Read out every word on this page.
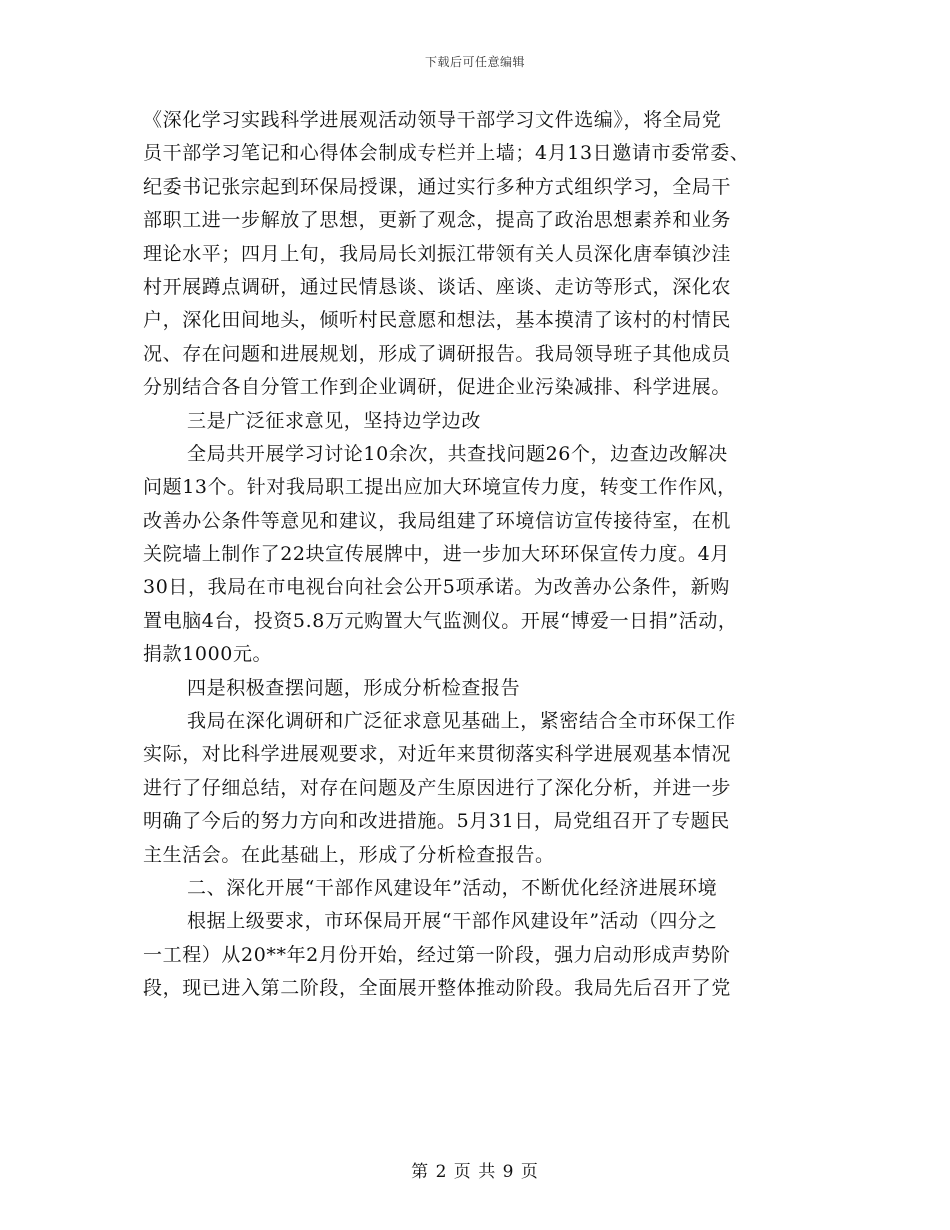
下载后可任意编辑
《深化学习实践科学进展观活动领导干部学习文件选编》，将全局党
员干部学习笔记和心得体会制成专栏并上墙；4月13日邀请市委常委、
纪委书记张宗起到环保局授课，通过实行多种方式组织学习，全局干
部职工进一步解放了思想，更新了观念，提高了政治思想素养和业务
理论水平；四月上旬，我局局长刘振江带领有关人员深化唐奉镇沙洼
村开展蹲点调研，通过民情恳谈、谈话、座谈、走访等形式，深化农
户，深化田间地头，倾听村民意愿和想法，基本摸清了该村的村情民
况、存在问题和进展规划，形成了调研报告。我局领导班子其他成员
分别结合各自分管工作到企业调研，促进企业污染减排、科学进展。
三是广泛征求意见，坚持边学边改
全局共开展学习讨论10余次，共查找问题26个，边查边改解决
问题13个。针对我局职工提出应加大环境宣传力度，转变工作作风，
改善办公条件等意见和建议，我局组建了环境信访宣传接待室，在机
关院墙上制作了22块宣传展牌中，进一步加大环环保宣传力度。4月
30日，我局在市电视台向社会公开5项承诺。为改善办公条件，新购
置电脑4台，投资5.8万元购置大气监测仪。开展“博爱一日捐”活动，
捐款1000元。
四是积极查摆问题，形成分析检查报告
我局在深化调研和广泛征求意见基础上，紧密结合全市环保工作
实际，对比科学进展观要求，对近年来贯彻落实科学进展观基本情况
进行了仔细总结，对存在问题及产生原因进行了深化分析，并进一步
明确了今后的努力方向和改进措施。5月31日，局党组召开了专题民
主生活会。在此基础上，形成了分析检查报告。
二、深化开展“干部作风建设年”活动，不断优化经济进展环境
根据上级要求，市环保局开展“干部作风建设年”活动（四分之
一工程）从20**年2月份开始，经过第一阶段，强力启动形成声势阶
段，现已进入第二阶段，全面展开整体推动阶段。我局先后召开了党
第 2 页 共 9 页
